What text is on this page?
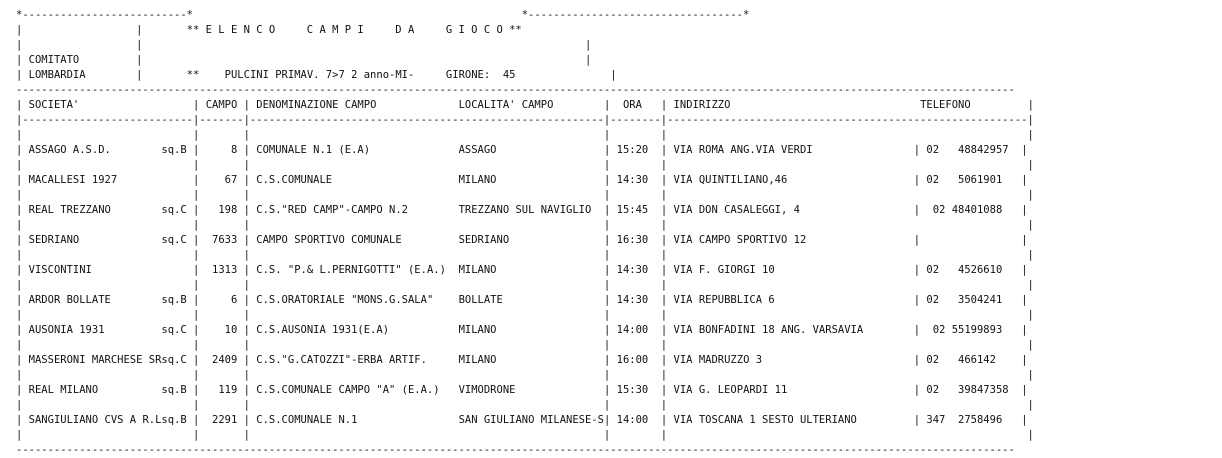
*--------------------------*                                                    *----------------------------------*
|                  |       ** E L E N C O     C A M P I     D A     G I O C O **
|                  |                                                                      |
| COMITATO         |                                                                      |
| LOMBARDIA        |       ** PULCINI PRIMAV. 7>7 2 anno-MI-	GIRONE: 45               |
--------------------------------------------------------------------------------------------------------------------------------------------------------------
| SOCIETA'                  | CAMPO | DENOMINAZIONE CAMPO             LOCALITA' CAMPO        |  ORA   | INDIRIZZO                              TELEFONO         |
|---------------------------|-------|--------------------------------------------------------|--------|---------------------------------------------------------|
|                           |       |                                                        |        |                                                         |
| ASSAGO A.S.D.        sq.B |     8 | COMUNALE N.1 (E.A)              ASSAGO                 | 15:20  | VIA ROMA ANG.VIA VERDI                | 02   48842957  |
|                           |       |                                                        |        |                                                         |
| MACALLESI 1927	|    67 | C.S.COMUNALE                    MILANO                 | 14:30  | VIA QUINTILIANO,46                    | 02   5061901   |
|                           |       |                                                        |        |                                                         |
| REAL TREZZANO        sq.C |   198 | C.S."RED CAMP"-CAMPO N.2        TREZZANO SUL NAVIGLIO  | 15:45  | VIA DON CASALEGGI, 4                  |  02 48401088   |
|                           |       |                                                        |        |                                                         |
| SEDRIANO             sq.C |  7633 | CAMPO SPORTIVO COMUNALE         SEDRIANO               | 16:30  | VIA CAMPO SPORTIVO 12                 |	|
|                           |       |                                                        |        |                                                         |
| VISCONTINI	|  1313 | C.S. "P.& L.PERNIGOTTI" (E.A.)  MILANO                 | 14:30  | VIA F. GIORGI 10                      | 02   4526610   |
|                           |       |                                                        |        |                                                         |
| ARDOR BOLLATE        sq.B |     6 | C.S.ORATORIALE "MONS.G.SALA"    BOLLATE                | 14:30  | VIA REPUBBLICA 6                      | 02   3504241   |
|                           |       |                                                        |        |                                                         |
| AUSONIA 1931         sq.C |    10 | C.S.AUSONIA 1931(E.A)           MILANO                 | 14:00  | VIA BONFADINI 18 ANG. VARSAVIA        |  02 55199893   |
|                           |       |                                                        |        |                                                         |
| MASSERONI MARCHESE SRsq.C |  2409 | C.S."G.CATOZZI"-ERBA ARTIF.     MILANO                 | 16:00  | VIA MADRUZZO 3                        | 02   466142    |
|                           |       |                                                        |        |                                                         |
| REAL MILANO          sq.B |   119 | C.S.COMUNALE CAMPO "A" (E.A.)   VIMODRONE              | 15:30  | VIA G. LEOPARDI 11                    | 02   39847358  |
|                           |       |                                                        |        |                                                         |
| SANGIULIANO CVS A R.Lsq.B |  2291 | C.S.COMUNALE N.1                SAN GIULIANO MILANESE-S| 14:00  | VIA TOSCANA 1 SESTO ULTERIANO         | 347  2758496   |
|                           |       |                                                        |        |                                                         |
--------------------------------------------------------------------------------------------------------------------------------------------------------------
